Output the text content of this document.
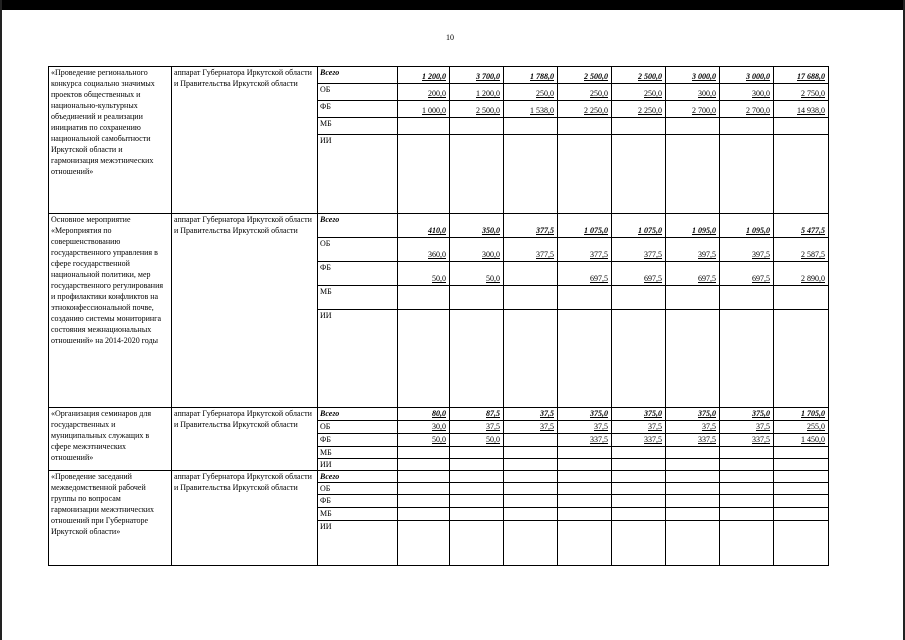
10
«Проведение регионального конкурса социально значимых проектов общественных и национально-культурных объединений и реализации инициатив по сохранению национальной самобытности Иркутской области и гармонизация межэтнических отношений»	аппарат Губернатора Иркутской области и Правительства Иркутской области	Всего	1 200,0	3 700,0	1 788,0	2 500,0	2 500,0	3 000,0	3 000,0	17 688,0
		ОБ	200,0	1 200,0	250,0	250,0	250,0	300,0	300,0	2 750,0
		ФБ	1 000,0	2 500,0	1 538,0	2 250,0	2 250,0	2 700,0	2 700,0	14 938,0
		МБ								
		ИИ								
Основное мероприятие «Мероприятия по совершенствованию государственного управления в сфере государственной национальной политики, мер государственного регулирования и профилактики конфликтов на этноконфессиональной почве, созданию системы мониторинга состояния межнациональных отношений» на 2014-2020 годы	аппарат Губернатора Иркутской области и Правительства Иркутской области	Всего	410,0	350,0	377,5	1 075,0	1 075,0	1 095,0	1 095,0	5 477,5
		ОБ	360,0	300,0	377,5	377,5	377,5	397,5	397,5	2 587,5
		ФБ	50,0	50,0		697,5	697,5	697,5	697,5	2 890,0
		МБ								
		ИИ								
«Организация семинаров для государственных и муниципальных служащих в сфере межэтнических отношений»	аппарат Губернатора Иркутской области и Правительства Иркутской области	Всего	80,0	87,5	37,5	375,0	375,0	375,0	375,0	1 705,0
		ОБ	30,0	37,5	37,5	37,5	37,5	37,5	37,5	255,0
		ФБ	50,0	50,0		337,5	337,5	337,5	337,5	1 450,0
		МБ								
		ИИ								
«Проведение заседаний межведомственной рабочей группы по вопросам гармонизации межэтнических отношений при Губернаторе Иркутской области»	аппарат Губернатора Иркутской области и Правительства Иркутской области	Всего								
		ОБ								
		ФБ								
		МБ								
		ИИ								
